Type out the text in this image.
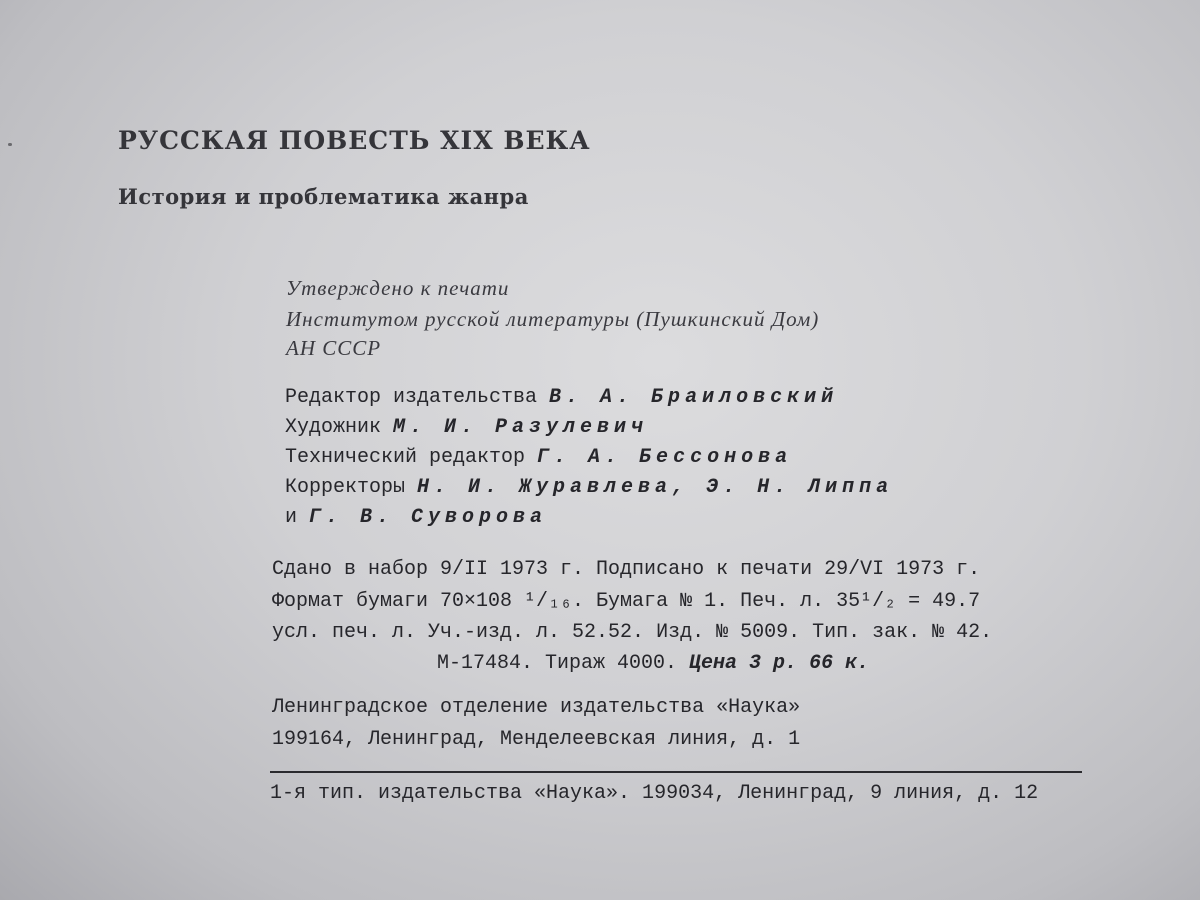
РУССКАЯ ПОВЕСТЬ XIX ВЕКА
История и проблематика жанра
Утверждено к печати
Институтом русской литературы (Пушкинский Дом)
АН СССР
Редактор издательства В. А. Браиловский
Художник М. И. Разулевич
Технический редактор Г. А. Бессонова
Корректоры Н. И. Журавлева, Э. Н. Липпа
и Г. В. Суворова
Сдано в набор 9/II 1973 г. Подписано к печати 29/VI 1973 г.
Формат бумаги 70×108 ¹/₁₆. Бумага № 1. Печ. л. 35¹/₂ = 49.7
усл. печ. л. Уч.-изд. л. 52.52. Изд. № 5009. Тип. зак. № 42.
М-17484. Тираж 4000. Цена 3 р. 66 к.
Ленинградское отделение издательства «Наука»
199164, Ленинград, Менделеевская линия, д. 1
1-я тип. издательства «Наука». 199034, Ленинград, 9 линия, д. 12
